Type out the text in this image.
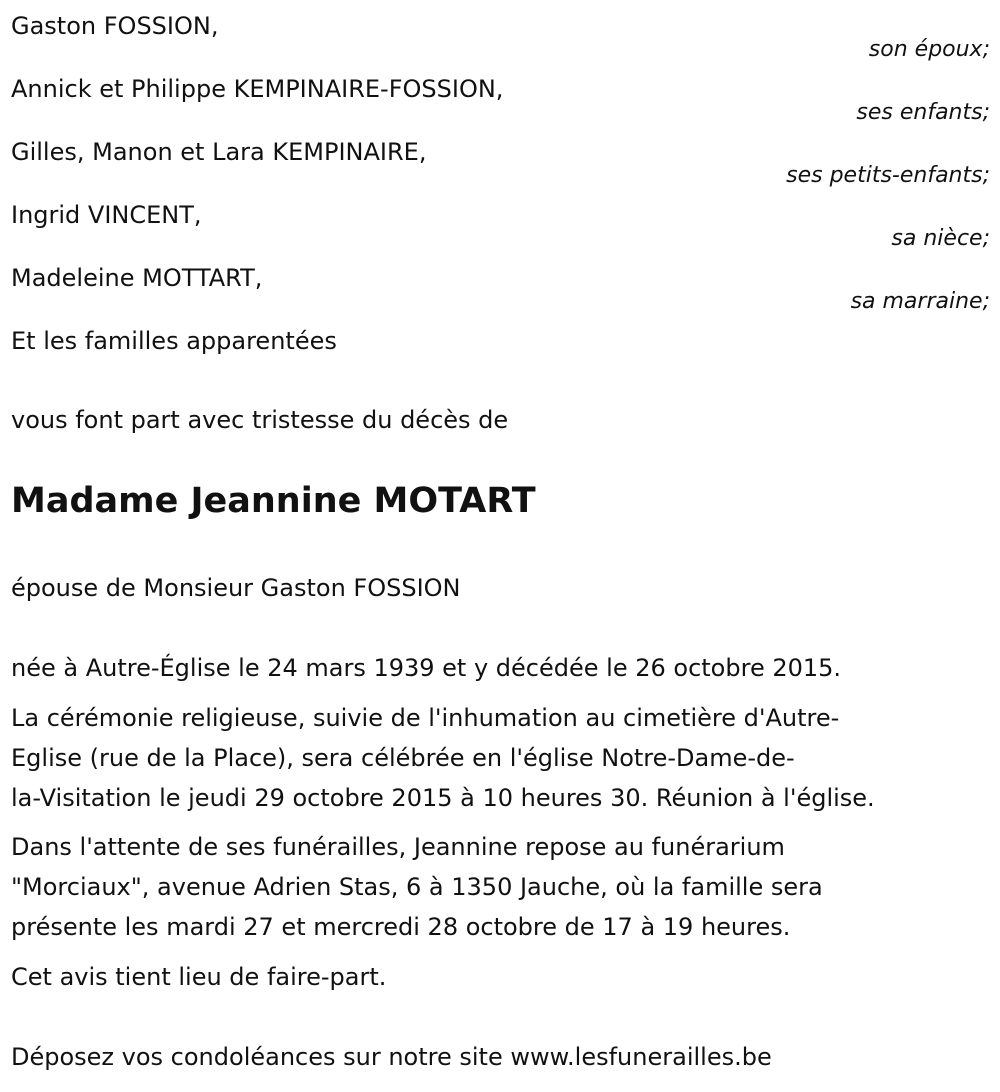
Gaston FOSSION,

son époux;

Annick et Philippe KEMPINAIRE-FOSSION,

ses enfants;

Gilles, Manon et Lara KEMPINAIRE,

ses petits-enfants;

Ingrid VINCENT,

sa nièce;

Madeleine MOTTART,

sa marraine;

Et les familles apparentées

vous font part avec tristesse du décès de

Madame Jeannine MOTART

épouse de Monsieur Gaston FOSSION

née à Autre-Église le 24 mars 1939 et y décédée le 26 octobre 2015.

La cérémonie religieuse, suivie de l'inhumation au cimetière d'Autre-

Eglise (rue de la Place), sera célébrée en l'église Notre-Dame-de-

la-Visitation le jeudi 29 octobre 2015 à 10 heures 30. Réunion à l'église.

Dans l'attente de ses funérailles, Jeannine repose au funérarium

"Morciaux", avenue Adrien Stas, 6 à 1350 Jauche, où la famille sera

présente les mardi 27 et mercredi 28 octobre de 17 à 19 heures.

Cet avis tient lieu de faire-part.

Déposez vos condoléances sur notre site www.lesfunerailles.be
